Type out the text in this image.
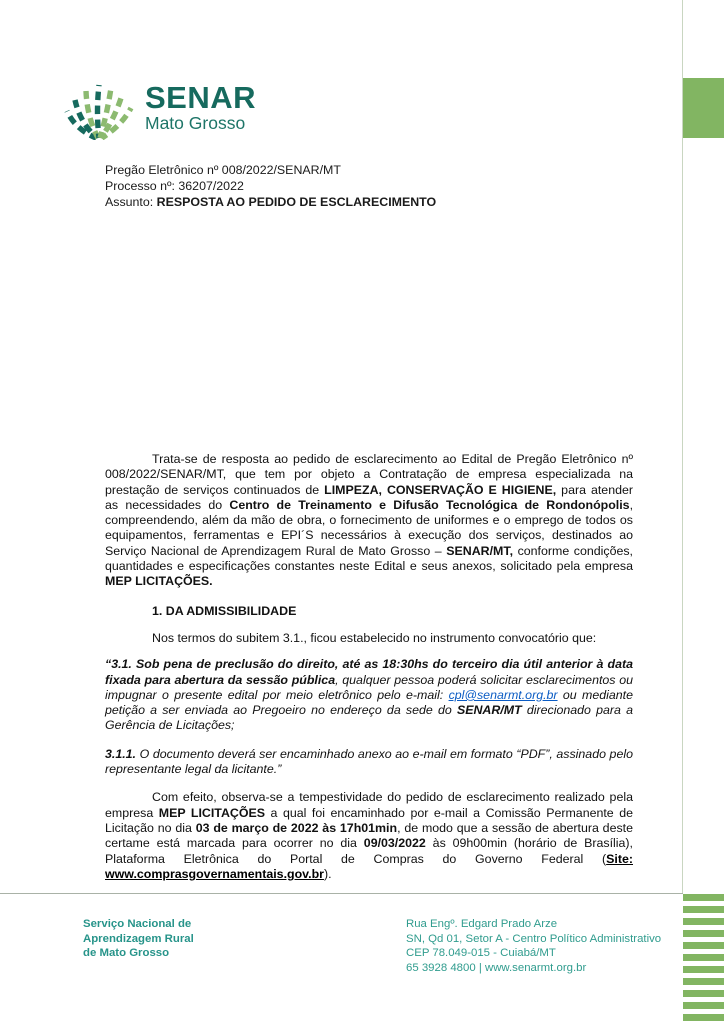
SENAR
Mato Grosso
Pregão Eletrônico nº 008/2022/SENAR/MT
Processo nº: 36207/2022
Assunto: RESPOSTA AO PEDIDO DE ESCLARECIMENTO

Trata-se de resposta ao pedido de esclarecimento ao Edital de Pregão Eletrônico nº 008/2022/SENAR/MT, que tem por objeto a Contratação de empresa especializada na prestação de serviços continuados de LIMPEZA, CONSERVAÇÃO E HIGIENE, para atender as necessidades do Centro de Treinamento e Difusão Tecnológica de Rondonópolis, compreendendo, além da mão de obra, o fornecimento de uniformes e o emprego de todos os equipamentos, ferramentas e EPI´S necessários à execução dos serviços, destinados ao Serviço Nacional de Aprendizagem Rural de Mato Grosso – SENAR/MT, conforme condições, quantidades e especificações constantes neste Edital e seus anexos, solicitado pela empresa MEP LICITAÇÕES.

1. DA ADMISSIBILIDADE

Nos termos do subitem 3.1., ficou estabelecido no instrumento convocatório que:

“3.1. Sob pena de preclusão do direito, até as 18:30hs do terceiro dia útil anterior à data fixada para abertura da sessão pública, qualquer pessoa poderá solicitar esclarecimentos ou impugnar o presente edital por meio eletrônico pelo e-mail: cpl@senarmt.org.br ou mediante petição a ser enviada ao Pregoeiro no endereço da sede do SENAR/MT direcionado para a Gerência de Licitações;

3.1.1. O documento deverá ser encaminhado anexo ao e-mail em formato “PDF”, assinado pelo representante legal da licitante.”

Com efeito, observa-se a tempestividade do pedido de esclarecimento realizado pela empresa MEP LICITAÇÕES a qual foi encaminhado por e-mail a Comissão Permanente de Licitação no dia 03 de março de 2022 às 17h01min, de modo que a sessão de abertura deste certame está marcada para ocorrer no dia 09/03/2022 às 09h00min (horário de Brasília), Plataforma Eletrônica do Portal de Compras do Governo Federal (Site: www.comprasgovernamentais.gov.br).

Serviço Nacional de
Aprendizagem Rural
de Mato Grosso
Rua Engº. Edgard Prado Arze
SN, Qd 01, Setor A - Centro Político Administrativo
CEP 78.049-015 - Cuiabá/MT
65 3928 4800 | www.senarmt.org.br
